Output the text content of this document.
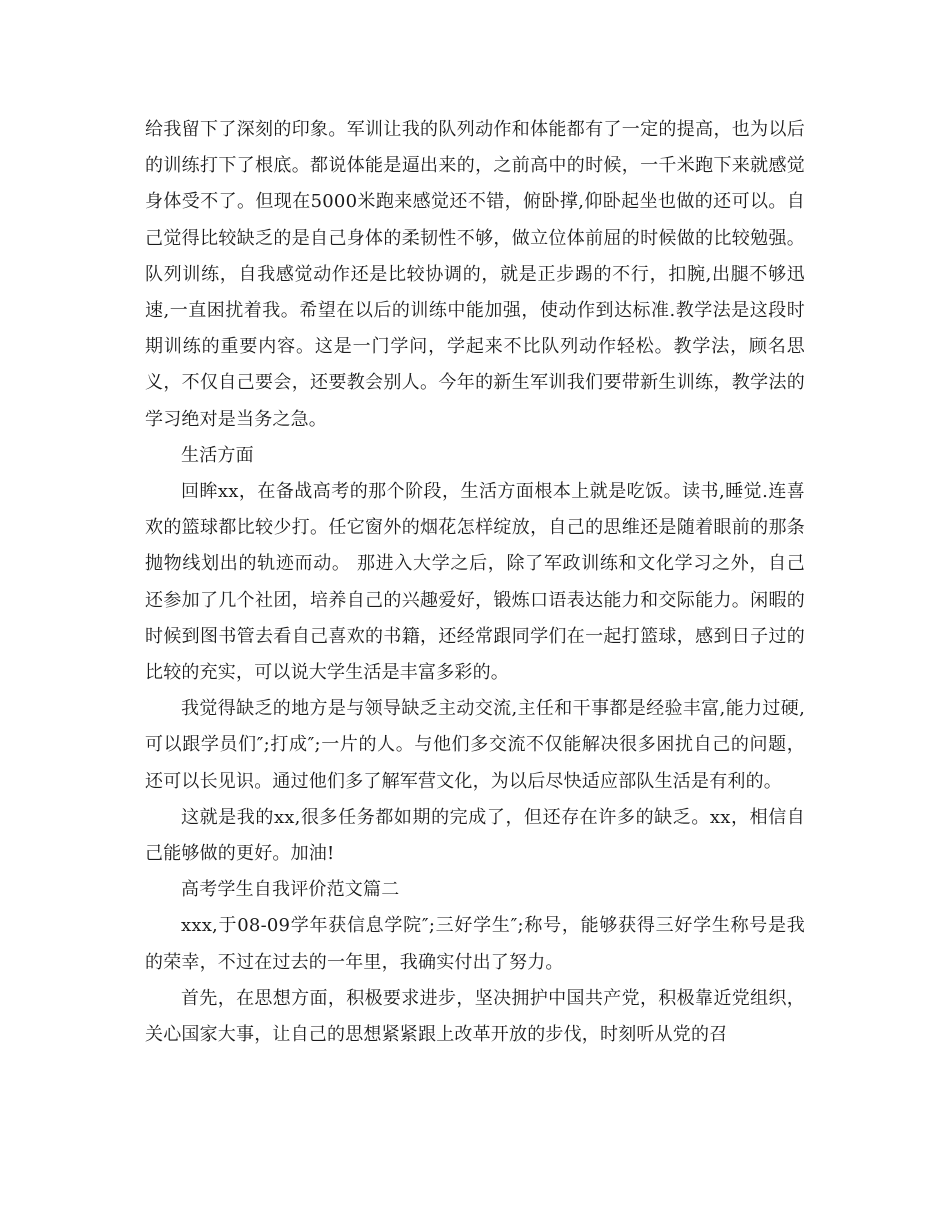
给我留下了深刻的印象。军训让我的队列动作和体能都有了一定的提高，也为以后的训练打下了根底。都说体能是逼出来的，之前高中的时候，一千米跑下来就感觉身体受不了。但现在5000米跑来感觉还不错，俯卧撑,仰卧起坐也做的还可以。自己觉得比较缺乏的是自己身体的柔韧性不够，做立位体前屈的时候做的比较勉强。队列训练，自我感觉动作还是比较协调的，就是正步踢的不行，扣腕,出腿不够迅速,一直困扰着我。希望在以后的训练中能加强，使动作到达标准.教学法是这段时期训练的重要内容。这是一门学问，学起来不比队列动作轻松。教学法，顾名思义，不仅自己要会，还要教会别人。今年的新生军训我们要带新生训练，教学法的学习绝对是当务之急。

生活方面

回眸xx，在备战高考的那个阶段，生活方面根本上就是吃饭。读书,睡觉.连喜欢的篮球都比较少打。任它窗外的烟花怎样绽放，自己的思维还是随着眼前的那条抛物线划出的轨迹而动。 那进入大学之后，除了军政训练和文化学习之外，自己还参加了几个社团，培养自己的兴趣爱好，锻炼口语表达能力和交际能力。闲暇的时候到图书管去看自己喜欢的书籍，还经常跟同学们在一起打篮球，感到日子过的比较的充实，可以说大学生活是丰富多彩的。

我觉得缺乏的地方是与领导缺乏主动交流,主任和干事都是经验丰富,能力过硬,可以跟学员们″;打成″;一片的人。与他们多交流不仅能解决很多困扰自己的问题，还可以长见识。通过他们多了解军营文化，为以后尽快适应部队生活是有利的。

这就是我的xx,很多任务都如期的完成了，但还存在许多的缺乏。xx，相信自己能够做的更好。加油!

高考学生自我评价范文篇二

xxx,于08-09学年获信息学院″;三好学生″;称号，能够获得三好学生称号是我的荣幸，不过在过去的一年里，我确实付出了努力。

首先，在思想方面，积极要求进步，坚决拥护中国共产党，积极靠近党组织，关心国家大事，让自己的思想紧紧跟上改革开放的步伐，时刻听从党的召
